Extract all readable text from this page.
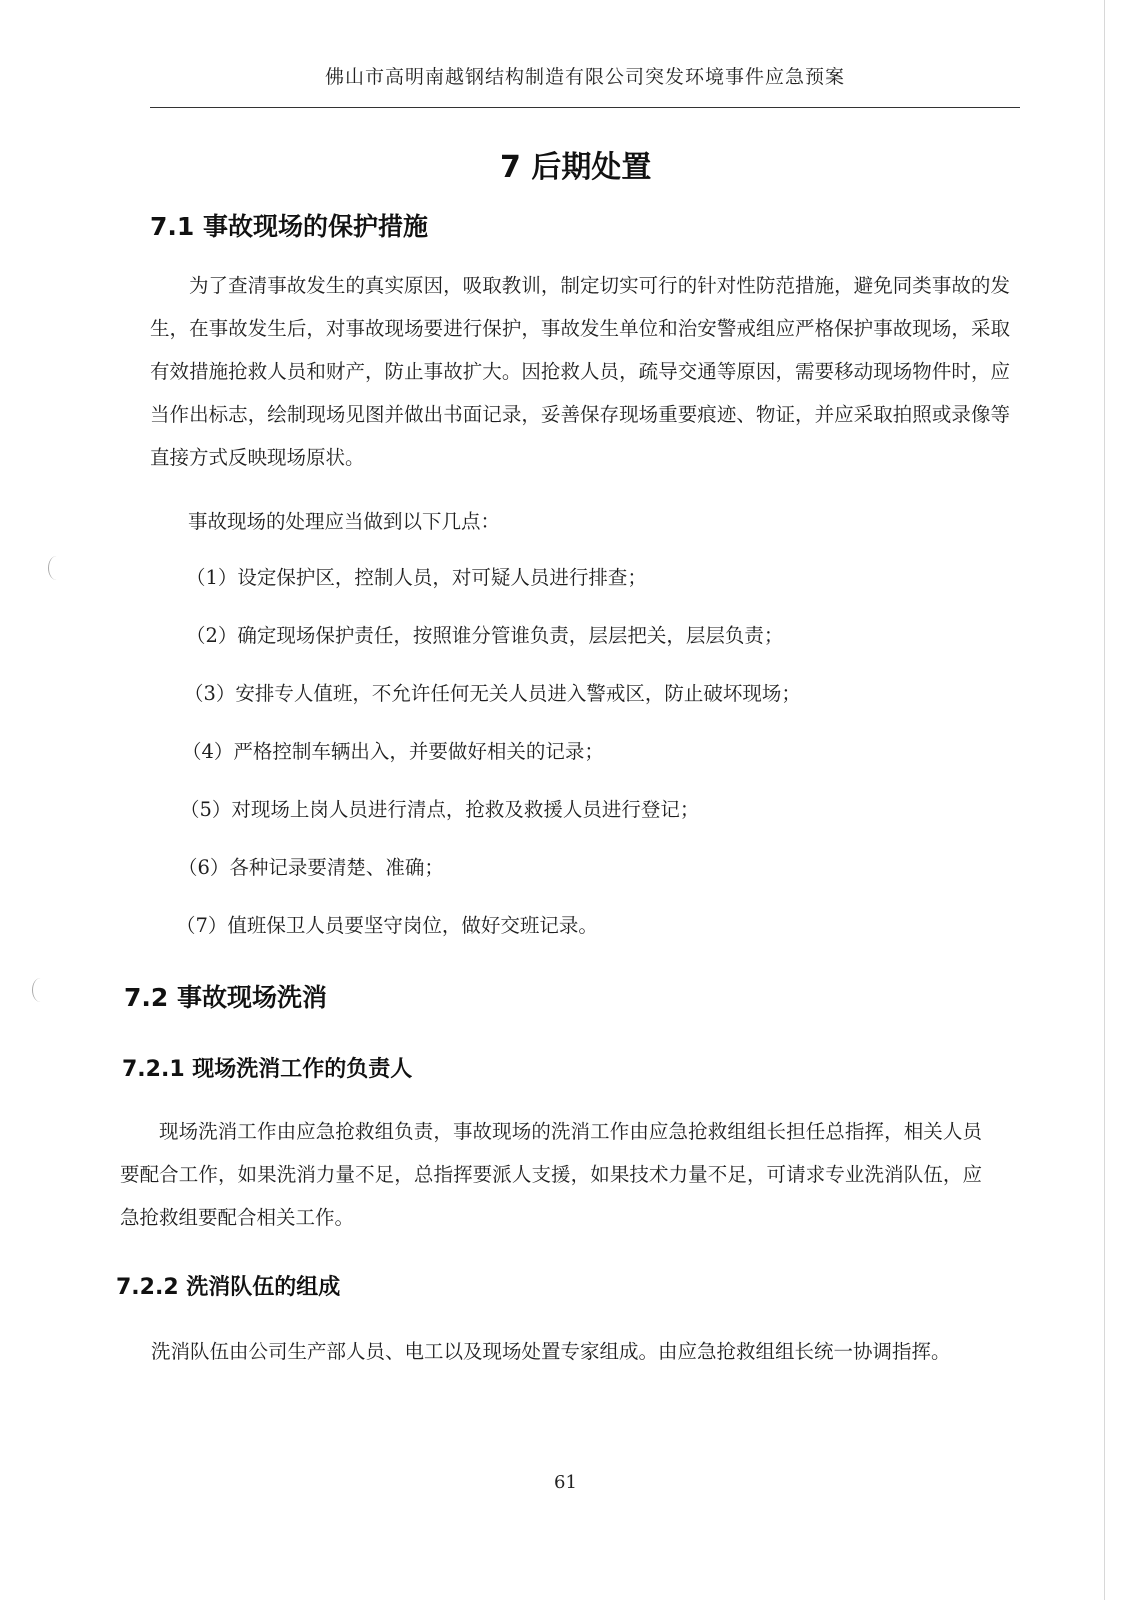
佛山市高明南越钢结构制造有限公司突发环境事件应急预案
7 后期处置
7.1 事故现场的保护措施
为了查清事故发生的真实原因，吸取教训，制定切实可行的针对性防范措施，避免同类事故的发生，在事故发生后，对事故现场要进行保护，事故发生单位和治安警戒组应严格保护事故现场，采取有效措施抢救人员和财产，防止事故扩大。因抢救人员，疏导交通等原因，需要移动现场物件时，应当作出标志，绘制现场见图并做出书面记录，妥善保存现场重要痕迹、物证，并应采取拍照或录像等直接方式反映现场原状。
事故现场的处理应当做到以下几点：
（1）设定保护区，控制人员，对可疑人员进行排查；
（2）确定现场保护责任，按照谁分管谁负责，层层把关，层层负责；
（3）安排专人值班，不允许任何无关人员进入警戒区，防止破坏现场；
（4）严格控制车辆出入，并要做好相关的记录；
（5）对现场上岗人员进行清点，抢救及救援人员进行登记；
（6）各种记录要清楚、准确；
（7）值班保卫人员要坚守岗位，做好交班记录。
7.2 事故现场洗消
7.2.1 现场洗消工作的负责人
现场洗消工作由应急抢救组负责，事故现场的洗消工作由应急抢救组组长担任总指挥，相关人员要配合工作，如果洗消力量不足，总指挥要派人支援，如果技术力量不足，可请求专业洗消队伍，应急抢救组要配合相关工作。
7.2.2 洗消队伍的组成
洗消队伍由公司生产部人员、电工以及现场处置专家组成。由应急抢救组组长统一协调指挥。
61
